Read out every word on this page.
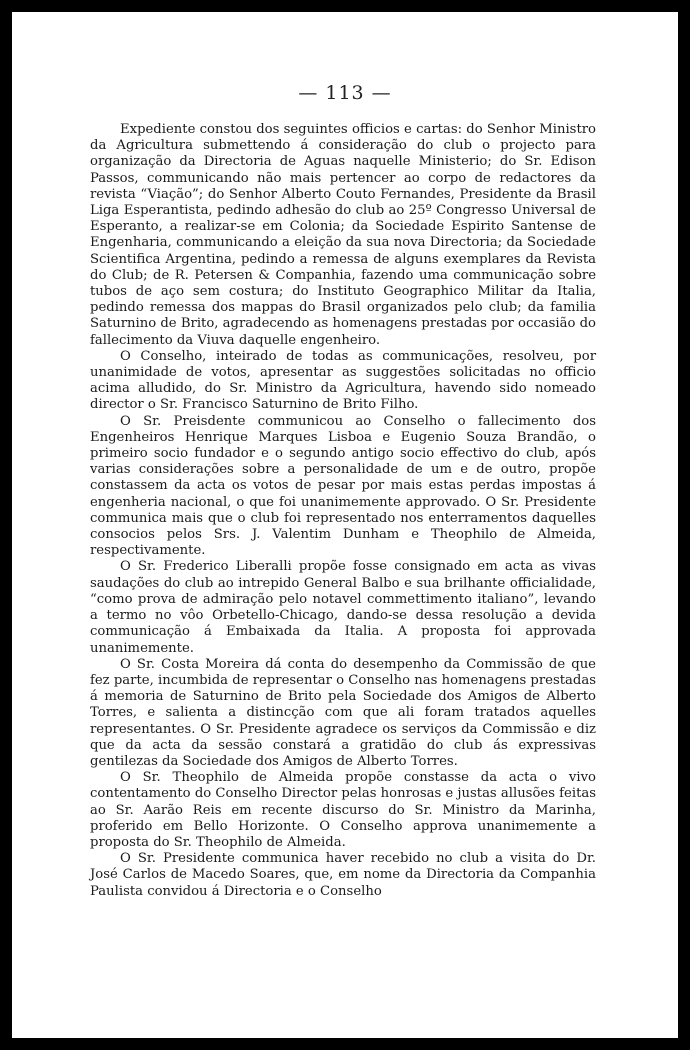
— 113 —

Expediente constou dos seguintes officios e cartas: do Senhor Ministro da Agricultura submettendo á consideração do club o projecto para organização da Directoria de Aguas naquelle Ministerio; do Sr. Edison Passos, communicando não mais pertencer ao corpo de redactores da revista “Viação”; do Senhor Alberto Couto Fernandes, Presidente da Brasil Liga Esperantista, pedindo adhesão do club ao 25º Congresso Universal de Esperanto, a realizar-se em Colonia; da Sociedade Espirito Santense de Engenharia, communicando a eleição da sua nova Directoria; da Sociedade Scientifica Argentina, pedindo a remessa de alguns exemplares da Revista do Club; de R. Petersen & Companhia, fazendo uma communicação sobre tubos de aço sem costura; do Instituto Geographico Militar da Italia, pedindo remessa dos mappas do Brasil organizados pelo club; da familia Saturnino de Brito, agradecendo as homenagens prestadas por occasião do fallecimento da Viuva daquelle engenheiro.

O Conselho, inteirado de todas as communicações, resolveu, por unanimidade de votos, apresentar as suggestões solicitadas no officio acima alludido, do Sr. Ministro da Agricultura, havendo sido nomeado director o Sr. Francisco Saturnino de Brito Filho.

O Sr. Preisdente communicou ao Conselho o fallecimento dos Engenheiros Henrique Marques Lisboa e Eugenio Souza Brandão, o primeiro socio fundador e o segundo antigo socio effectivo do club, após varias considerações sobre a personalidade de um e de outro, propõe constassem da acta os votos de pesar por mais estas perdas impostas á engenheria nacional, o que foi unanimemente approvado. O Sr. Presidente communica mais que o club foi representado nos enterramentos daquelles consocios pelos Srs. J. Valentim Dunham e Theophilo de Almeida, respectivamente.

O Sr. Frederico Liberalli propõe fosse consignado em acta as vivas saudações do club ao intrepido General Balbo e sua brilhante officialidade, “como prova de admiração pelo notavel commettimento italiano”, levando a termo no vôo Orbetello-Chicago, dando-se dessa resolução a devida communicação á Embaixada da Italia. A proposta foi approvada unanimemente.

O Sr. Costa Moreira dá conta do desempenho da Commissão de que fez parte, incumbida de representar o Conselho nas homenagens prestadas á memoria de Saturnino de Brito pela Sociedade dos Amigos de Alberto Torres, e salienta a distincção com que ali foram tratados aquelles representantes. O Sr. Presidente agradece os serviços da Commissão e diz que da acta da sessão constará a gratidão do club ás expressivas gentilezas da Sociedade dos Amigos de Alberto Torres.

O Sr. Theophilo de Almeida propõe constasse da acta o vivo contentamento do Conselho Director pelas honrosas e justas allusões feitas ao Sr. Aarão Reis em recente discurso do Sr. Ministro da Marinha, proferido em Bello Horizonte. O Conselho approva unanimemente a proposta do Sr. Theophilo de Almeida.

O Sr. Presidente communica haver recebido no club a visita do Dr. José Carlos de Macedo Soares, que, em nome da Directoria da Companhia Paulista convidou á Directoria e o Conselho
